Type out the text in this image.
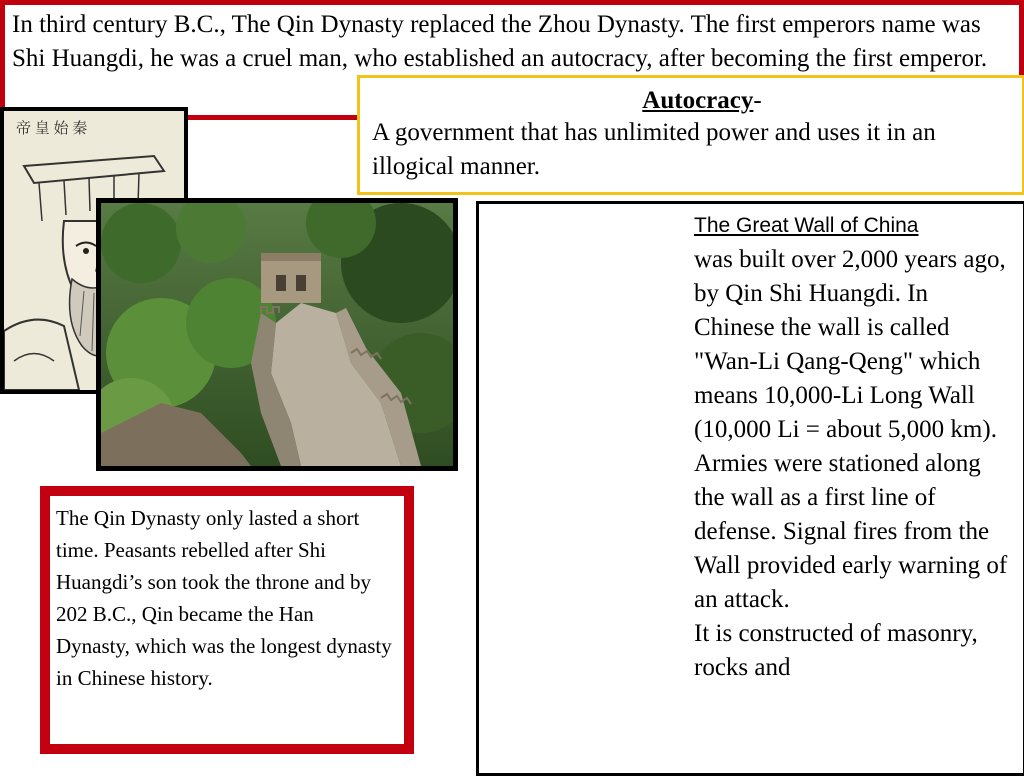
In third century B.C., The Qin Dynasty replaced the Zhou Dynasty. The first emperors name was Shi Huangdi, he was a cruel man, who established an autocracy, after becoming the first emperor.
帝 皇 始 秦
Autocracy-
A government that has unlimited power and uses it in an illogical manner.
The Qin Dynasty only lasted a short time. Peasants rebelled after Shi Huangdi’s son took the throne and by 202 B.C., Qin became the Han Dynasty, which was the longest dynasty in Chinese history.
The Great Wall of China
was built over 2,000 years ago, by Qin Shi Huangdi. In Chinese the wall is called "Wan-Li Qang-Qeng" which means 10,000-Li Long Wall (10,000 Li = about 5,000 km).
Armies were stationed along the wall as a first line of defense. Signal fires from the Wall provided early warning of an attack.
It is constructed of masonry, rocks and
